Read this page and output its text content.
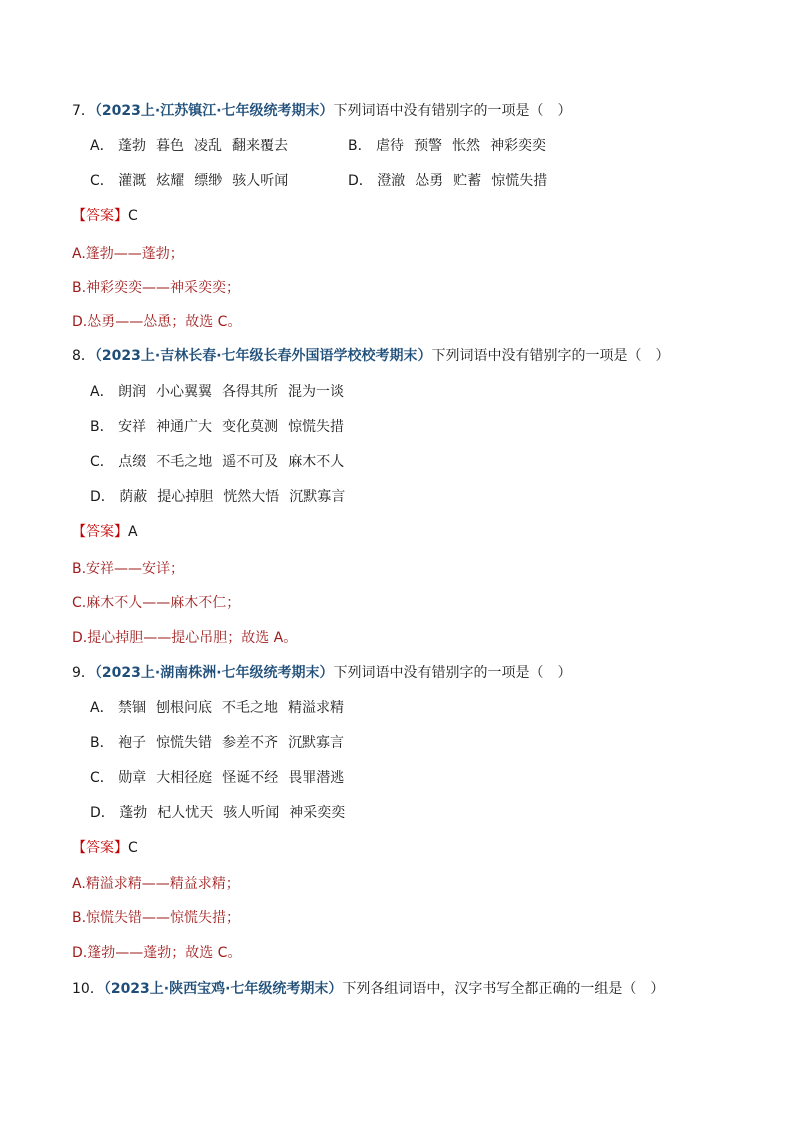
7．（2023上·江苏镇江·七年级统考期末）下列词语中没有错别字的一项是（　）
A． 蓬勃 暮色 凌乱 翻来覆去	B． 虐待 预警 怅然 神彩奕奕
C． 灌溉 炫耀 缥缈 骇人听闻	D． 澄澈 怂勇 贮蓄 惊慌失措
【答案】C
A.篷勃——蓬勃；
B.神彩奕奕——神采奕奕；
D.怂勇——怂恿；故选 C。
8．（2023上·吉林长春·七年级长春外国语学校校考期末）下列词语中没有错别字的一项是（　）
A． 朗润 小心翼翼 各得其所 混为一谈
B． 安祥 神通广大 变化莫测 惊慌失措
C． 点缀 不毛之地 遥不可及 麻木不人
D． 荫蔽 提心掉胆 恍然大悟 沉默寡言
【答案】A
B.安祥——安详；
C.麻木不人——麻木不仁；
D.提心掉胆——提心吊胆；故选 A。
9．（2023上·湖南株洲·七年级统考期末）下列词语中没有错别字的一项是（　）
A． 禁锢 刨根问底 不毛之地 精溢求精
B． 袍子 惊慌失错 参差不齐 沉默寡言
C． 勋章 大相径庭 怪诞不经 畏罪潜逃
D． 蓬勃 杞人忧天 骇人听闻 神采奕奕
【答案】C
A.精溢求精——精益求精；
B.惊慌失错——惊慌失措；
D.篷勃——蓬勃；故选 C。
10．（2023上·陕西宝鸡·七年级统考期末）下列各组词语中，汉字书写全都正确的一组是（　）
